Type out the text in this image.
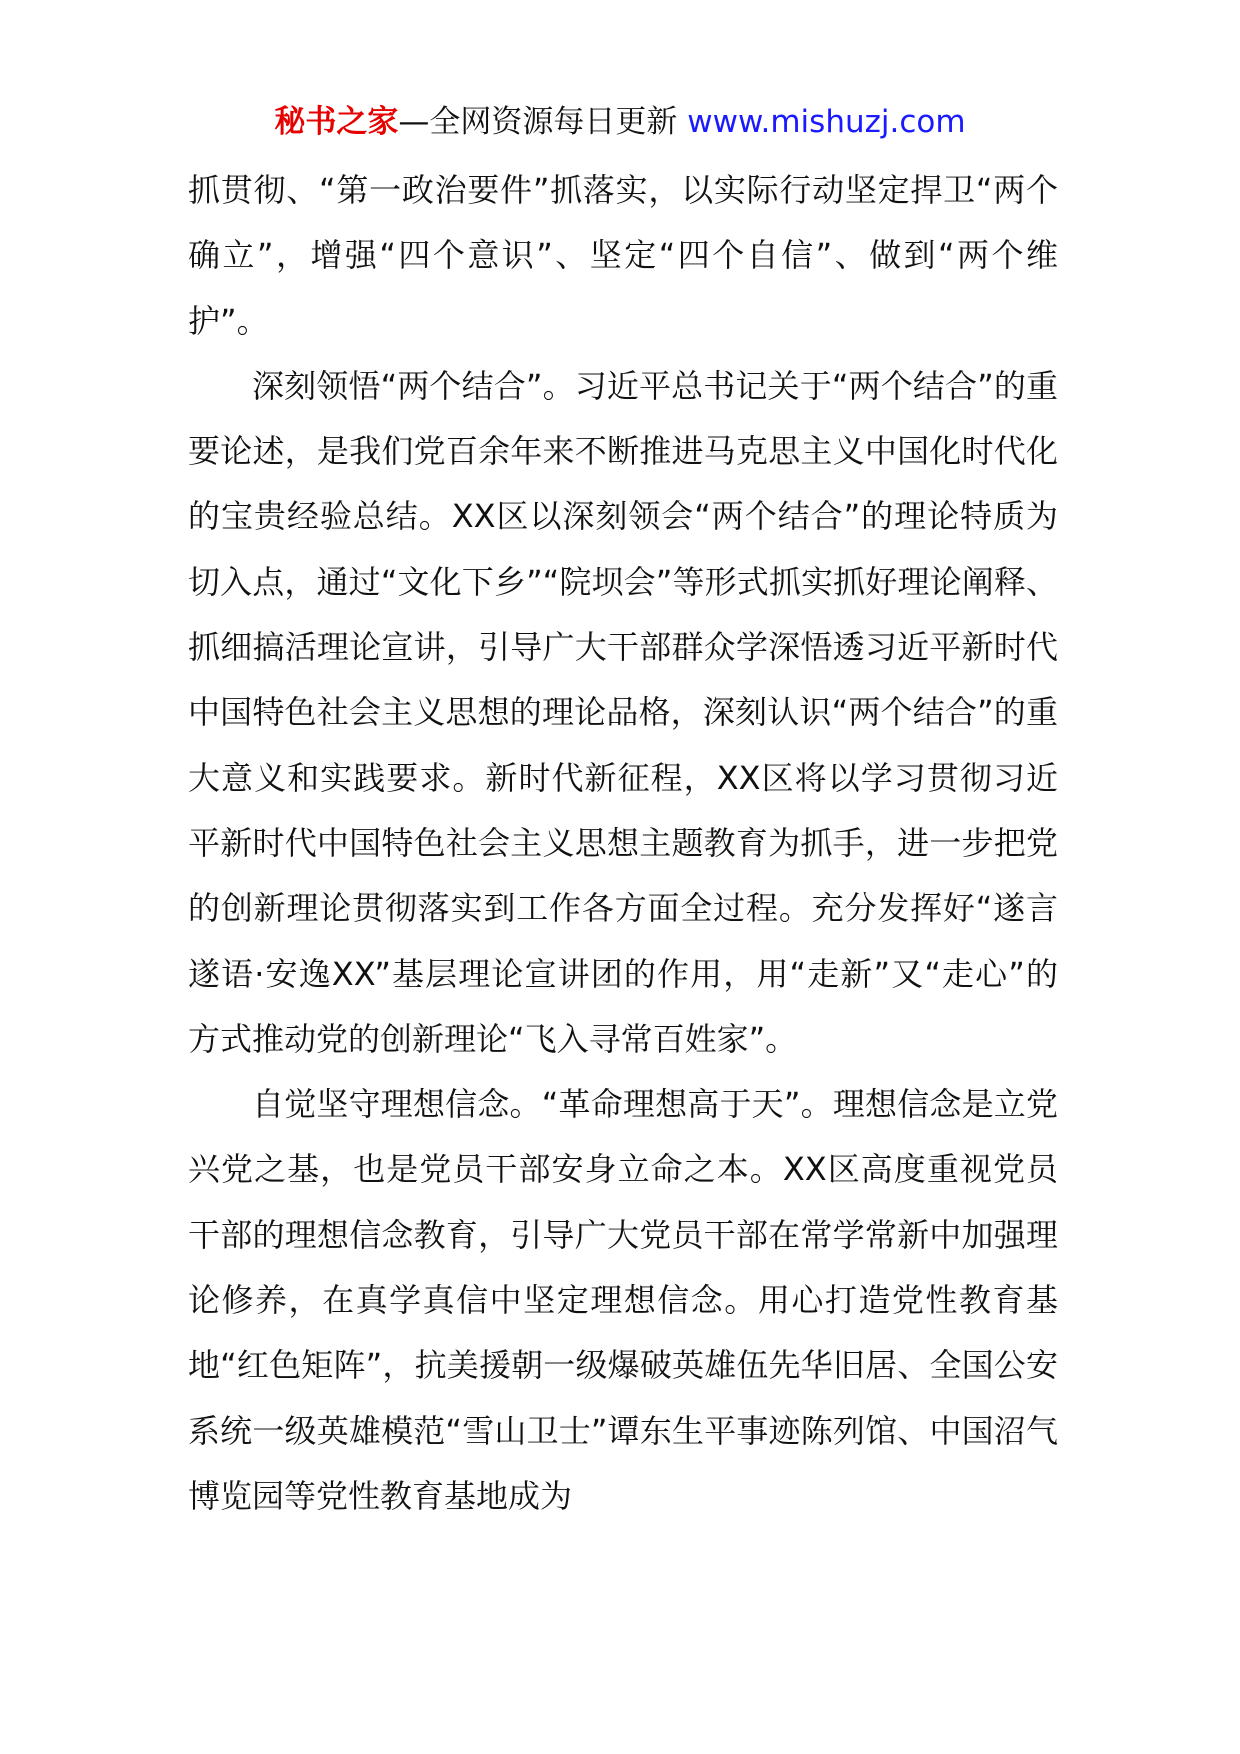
秘书之家—全网资源每日更新 www.mishuzj.com

抓贯彻、“第一政治要件”抓落实，以实际行动坚定捍卫“两个确立”，增强“四个意识”、坚定“四个自信”、做到“两个维护”。

深刻领悟“两个结合”。习近平总书记关于“两个结合”的重要论述，是我们党百余年来不断推进马克思主义中国化时代化的宝贵经验总结。XX区以深刻领会“两个结合”的理论特质为切入点，通过“文化下乡”“院坝会”等形式抓实抓好理论阐释、抓细搞活理论宣讲，引导广大干部群众学深悟透习近平新时代中国特色社会主义思想的理论品格，深刻认识“两个结合”的重大意义和实践要求。新时代新征程，XX区将以学习贯彻习近平新时代中国特色社会主义思想主题教育为抓手，进一步把党的创新理论贯彻落实到工作各方面全过程。充分发挥好“遂言遂语·安逸XX”基层理论宣讲团的作用，用“走新”又“走心”的方式推动党的创新理论“飞入寻常百姓家”。

自觉坚守理想信念。“革命理想高于天”。理想信念是立党兴党之基，也是党员干部安身立命之本。XX区高度重视党员干部的理想信念教育，引导广大党员干部在常学常新中加强理论修养，在真学真信中坚定理想信念。用心打造党性教育基地“红色矩阵”，抗美援朝一级爆破英雄伍先华旧居、全国公安系统一级英雄模范“雪山卫士”谭东生平事迹陈列馆、中国沼气博览园等党性教育基地成为
